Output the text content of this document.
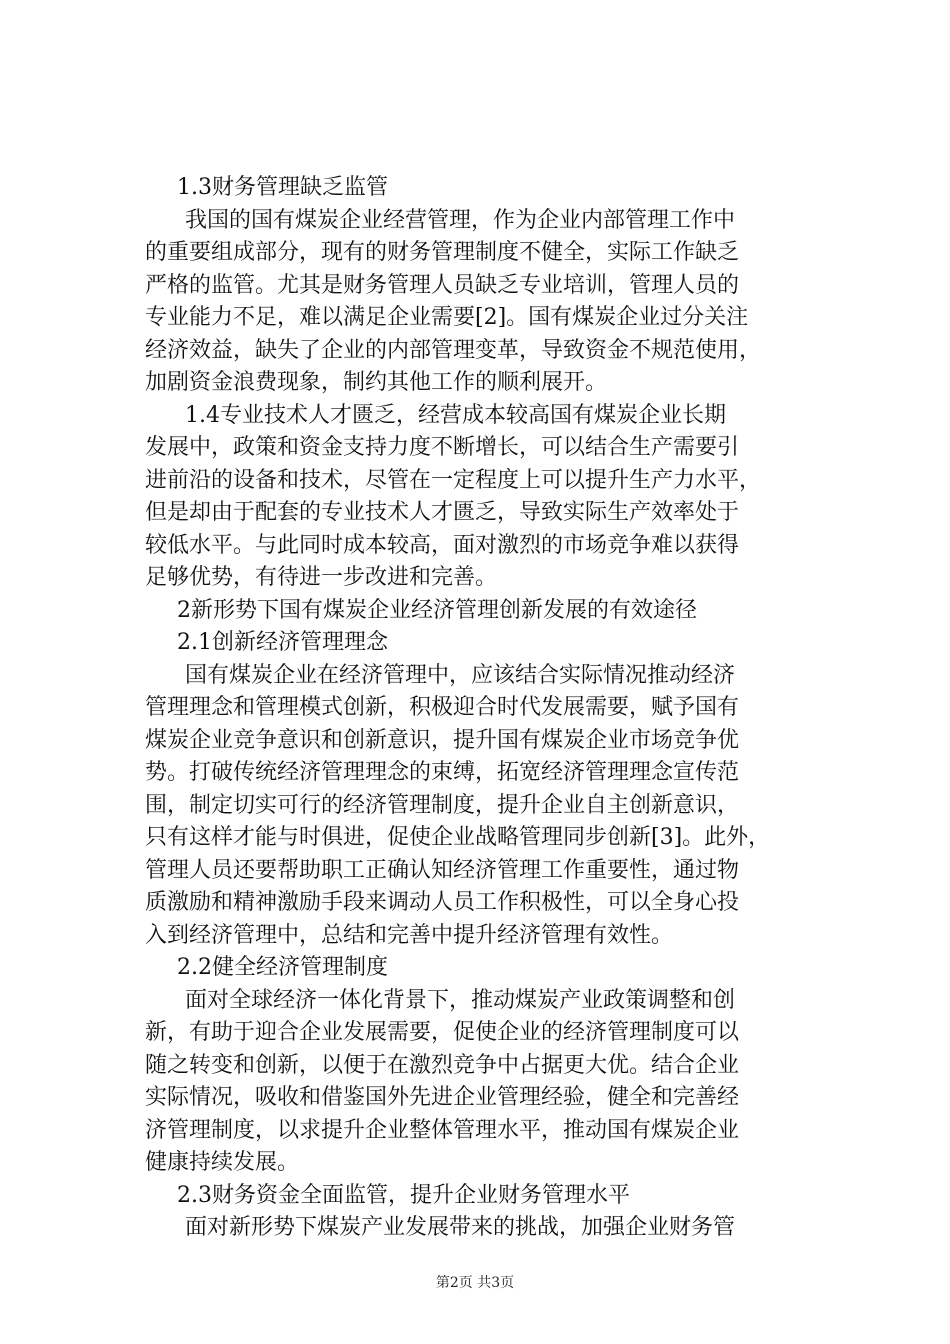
1.3财务管理缺乏监管
我国的国有煤炭企业经营管理，作为企业内部管理工作中
的重要组成部分，现有的财务管理制度不健全，实际工作缺乏
严格的监管。尤其是财务管理人员缺乏专业培训，管理人员的
专业能力不足，难以满足企业需要[2]。国有煤炭企业过分关注
经济效益，缺失了企业的内部管理变革，导致资金不规范使用，
加剧资金浪费现象，制约其他工作的顺利展开。
1.4专业技术人才匮乏，经营成本较高国有煤炭企业长期
发展中，政策和资金支持力度不断增长，可以结合生产需要引
进前沿的设备和技术，尽管在一定程度上可以提升生产力水平，
但是却由于配套的专业技术人才匮乏，导致实际生产效率处于
较低水平。与此同时成本较高，面对激烈的市场竞争难以获得
足够优势，有待进一步改进和完善。
2新形势下国有煤炭企业经济管理创新发展的有效途径
2.1创新经济管理理念
国有煤炭企业在经济管理中，应该结合实际情况推动经济
管理理念和管理模式创新，积极迎合时代发展需要，赋予国有
煤炭企业竞争意识和创新意识，提升国有煤炭企业市场竞争优
势。打破传统经济管理理念的束缚，拓宽经济管理理念宣传范
围，制定切实可行的经济管理制度，提升企业自主创新意识，
只有这样才能与时俱进，促使企业战略管理同步创新[3]。此外，
管理人员还要帮助职工正确认知经济管理工作重要性，通过物
质激励和精神激励手段来调动人员工作积极性，可以全身心投
入到经济管理中，总结和完善中提升经济管理有效性。
2.2健全经济管理制度
面对全球经济一体化背景下，推动煤炭产业政策调整和创
新，有助于迎合企业发展需要，促使企业的经济管理制度可以
随之转变和创新，以便于在激烈竞争中占据更大优。结合企业
实际情况，吸收和借鉴国外先进企业管理经验，健全和完善经
济管理制度，以求提升企业整体管理水平，推动国有煤炭企业
健康持续发展。
2.3财务资金全面监管，提升企业财务管理水平
面对新形势下煤炭产业发展带来的挑战，加强企业财务管
第2页 共3页
